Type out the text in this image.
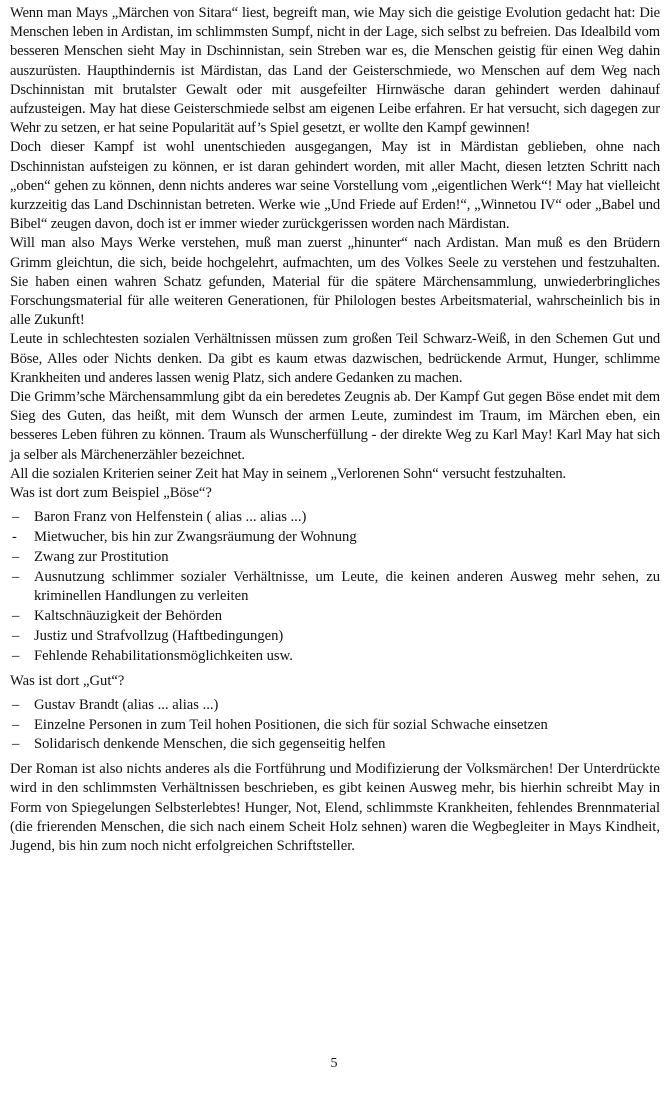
Wenn man Mays „Märchen von Sitara“ liest, begreift man, wie May sich die geistige Evolution gedacht hat: Die Menschen leben in Ardistan, im schlimmsten Sumpf, nicht in der Lage, sich selbst zu befreien. Das Idealbild vom besseren Menschen sieht May in Dschinnistan, sein Streben war es, die Menschen geistig für einen Weg dahin auszurüsten. Haupthindernis ist Märdistan, das Land der Geisterschmiede, wo Menschen auf dem Weg nach Dschinnistan mit brutalster Gewalt oder mit ausgefeilter Hirnwäsche daran gehindert werden dahinauf aufzusteigen. May hat diese Geisterschmiede selbst am eigenen Leibe erfahren. Er hat versucht, sich dagegen zur Wehr zu setzen, er hat seine Popularität auf’s Spiel gesetzt, er wollte den Kampf gewinnen!

Doch dieser Kampf ist wohl unentschieden ausgegangen, May ist in Märdistan geblieben, ohne nach Dschinnistan aufsteigen zu können, er ist daran gehindert worden, mit aller Macht, diesen letzten Schritt nach „oben“ gehen zu können, denn nichts anderes war seine Vorstellung vom „eigentlichen Werk“! May hat vielleicht kurzzeitig das Land Dschinnistan betreten. Werke wie „Und Friede auf Erden!“, „Winnetou IV“ oder „Babel und Bibel“ zeugen davon, doch ist er immer wieder zurückgerissen worden nach Märdistan.

Will man also Mays Werke verstehen, muß man zuerst „hinunter“ nach Ardistan. Man muß es den Brüdern Grimm gleichtun, die sich, beide hochgelehrt, aufmachten, um des Volkes Seele zu verstehen und festzuhalten. Sie haben einen wahren Schatz gefunden, Material für die spätere Märchensammlung, unwiederbringliches Forschungsmaterial für alle weiteren Generationen, für Philologen bestes Arbeitsmaterial, wahrscheinlich bis in alle Zukunft!

Leute in schlechtesten sozialen Verhältnissen müssen zum großen Teil Schwarz-Weiß, in den Schemen Gut und Böse, Alles oder Nichts denken. Da gibt es kaum etwas dazwischen, bedrückende Armut, Hunger, schlimme Krankheiten und anderes lassen wenig Platz, sich andere Gedanken zu machen.

Die Grimm’sche Märchensammlung gibt da ein beredetes Zeugnis ab. Der Kampf Gut gegen Böse endet mit dem Sieg des Guten, das heißt, mit dem Wunsch der armen Leute, zumindest im Traum, im Märchen eben, ein besseres Leben führen zu können. Traum als Wunscherfüllung - der direkte Weg zu Karl May! Karl May hat sich ja selber als Märchenerzähler bezeichnet.

All die sozialen Kriterien seiner Zeit hat May in seinem „Verlorenen Sohn“ versucht festzuhalten.

Was ist dort zum Beispiel „Böse“?

– Baron Franz von Helfenstein ( alias ... alias ...)
- Mietwucher, bis hin zur Zwangsräumung der Wohnung
– Zwang zur Prostitution
– Ausnutzung schlimmer sozialer Verhältnisse, um Leute, die keinen anderen Ausweg mehr sehen, zu kriminellen Handlungen zu verleiten
– Kaltschnäuzigkeit der Behörden
– Justiz und Strafvollzug (Haftbedingungen)
– Fehlende Rehabilitationsmöglichkeiten usw.

Was ist dort „Gut“?

– Gustav Brandt (alias ... alias ...)
– Einzelne Personen in zum Teil hohen Positionen, die sich für sozial Schwache einsetzen
– Solidarisch denkende Menschen, die sich gegenseitig helfen

Der Roman ist also nichts anderes als die Fortführung und Modifizierung der Volksmärchen! Der Unterdrückte wird in den schlimmsten Verhältnissen beschrieben, es gibt keinen Ausweg mehr, bis hierhin schreibt May in Form von Spiegelungen Selbsterlebtes! Hunger, Not, Elend, schlimmste Krankheiten, fehlendes Brennmaterial (die frierenden Menschen, die sich nach einem Scheit Holz sehnen) waren die Wegbegleiter in Mays Kindheit, Jugend, bis hin zum noch nicht erfolgreichen Schriftsteller.

5
